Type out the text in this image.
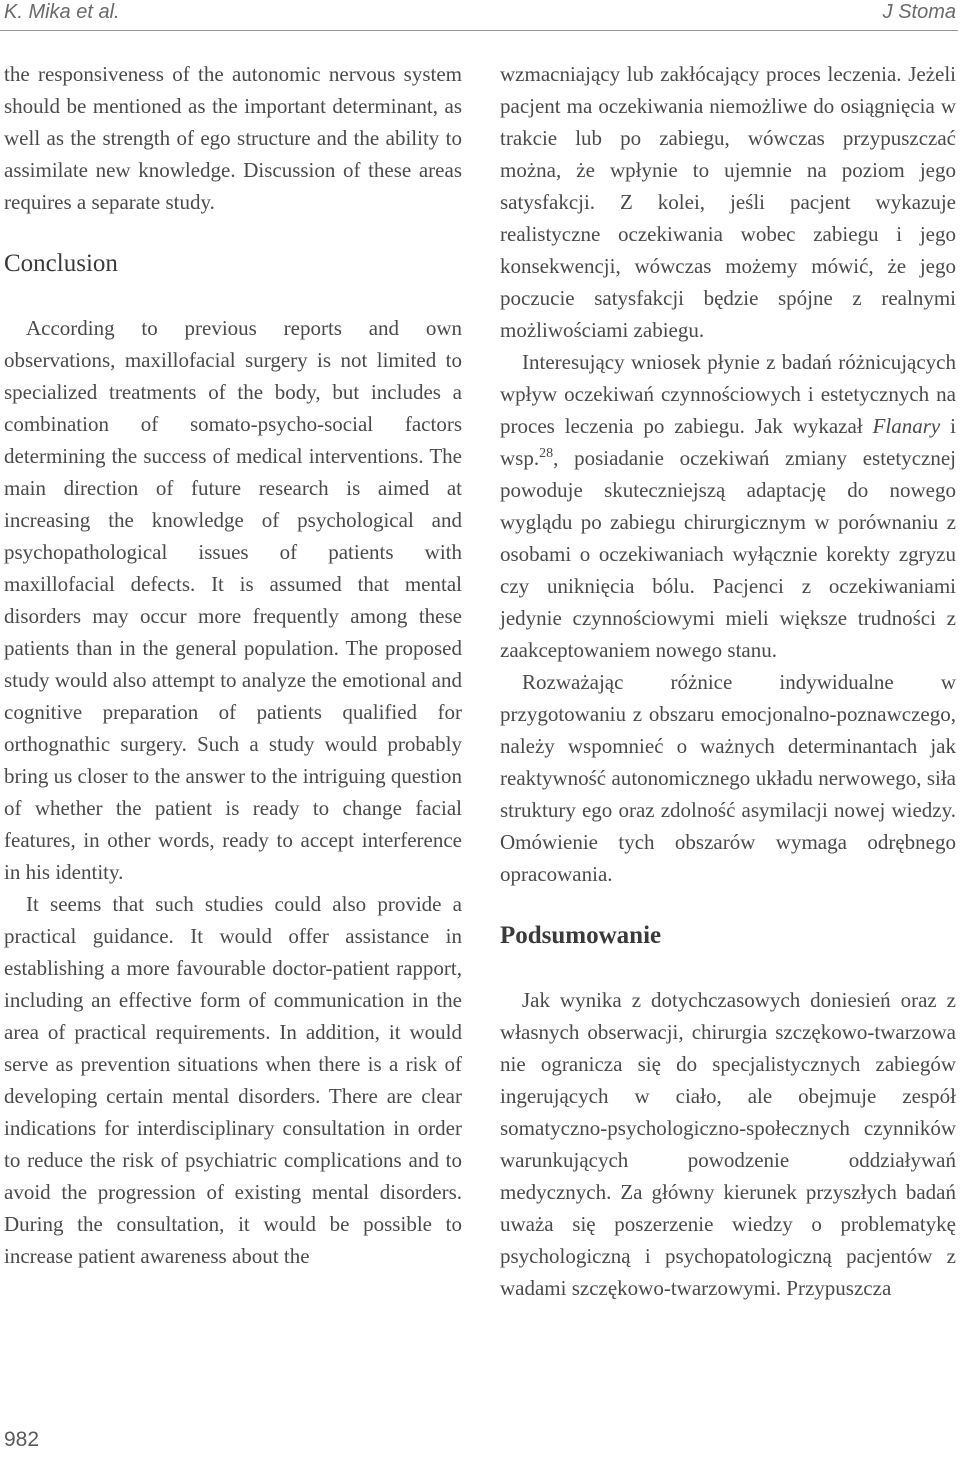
K. Mika et al.	J Stoma

the responsiveness of the autonomic nervous system should be mentioned as the important determinant, as well as the strength of ego structure and the ability to assimilate new knowledge. Discussion of these areas requires a separate study.

Conclusion

According to previous reports and own observations, maxillofacial surgery is not limited to specialized treatments of the body, but includes a combination of somato-psycho-social factors determining the success of medical interventions. The main direction of future research is aimed at increasing the knowledge of psychological and psychopathological issues of patients with maxillofacial defects. It is assumed that mental disorders may occur more frequently among these patients than in the general population. The proposed study would also attempt to analyze the emotional and cognitive preparation of patients qualified for orthognathic surgery. Such a study would probably bring us closer to the answer to the intriguing question of whether the patient is ready to change facial features, in other words, ready to accept interference in his identity.

It seems that such studies could also provide a practical guidance. It would offer assistance in establishing a more favourable doctor-patient rapport, including an effective form of communication in the area of practical requirements. In addition, it would serve as prevention situations when there is a risk of developing certain mental disorders. There are clear indications for interdisciplinary consultation in order to reduce the risk of psychiatric complications and to avoid the progression of existing mental disorders. During the consultation, it would be possible to increase patient awareness about the

wzmacniający lub zakłócający proces leczenia. Jeżeli pacjent ma oczekiwania niemożliwe do osiągnięcia w trakcie lub po zabiegu, wówczas przypuszczać można, że wpłynie to ujemnie na poziom jego satysfakcji. Z kolei, jeśli pacjent wykazuje realistyczne oczekiwania wobec zabiegu i jego konsekwencji, wówczas możemy mówić, że jego poczucie satysfakcji będzie spójne z realnymi możliwościami zabiegu.

Interesujący wniosek płynie z badań różnicujących wpływ oczekiwań czynnościowych i estetycznych na proces leczenia po zabiegu. Jak wykazał Flanary i wsp.$^{28}$, posiadanie oczekiwań zmiany estetycznej powoduje skuteczniejszą adaptację do nowego wyglądu po zabiegu chirurgicznym w porównaniu z osobami o oczekiwaniach wyłącznie korekty zgryzu czy uniknięcia bólu. Pacjenci z oczekiwaniami jedynie czynnościowymi mieli większe trudności z zaakceptowaniem nowego stanu.

Rozważając różnice indywidualne w przygotowaniu z obszaru emocjonalno-poznawczego, należy wspomnieć o ważnych determinantach jak reaktywność autonomicznego układu nerwowego, siła struktury ego oraz zdolność asymilacji nowej wiedzy. Omówienie tych obszarów wymaga odrębnego opracowania.

Podsumowanie

Jak wynika z dotychczasowych doniesień oraz z własnych obserwacji, chirurgia szczękowo-twarzowa nie ogranicza się do specjalistycznych zabiegów ingerujących w ciało, ale obejmuje zespół somatyczno-psychologiczno-społecznych czynników warunkujących powodzenie oddziaływań medycznych. Za główny kierunek przyszłych badań uważa się poszerzenie wiedzy o problematykę psychologiczną i psychopatologiczną pacjentów z wadami szczękowo-twarzowymi. Przypuszcza

982
